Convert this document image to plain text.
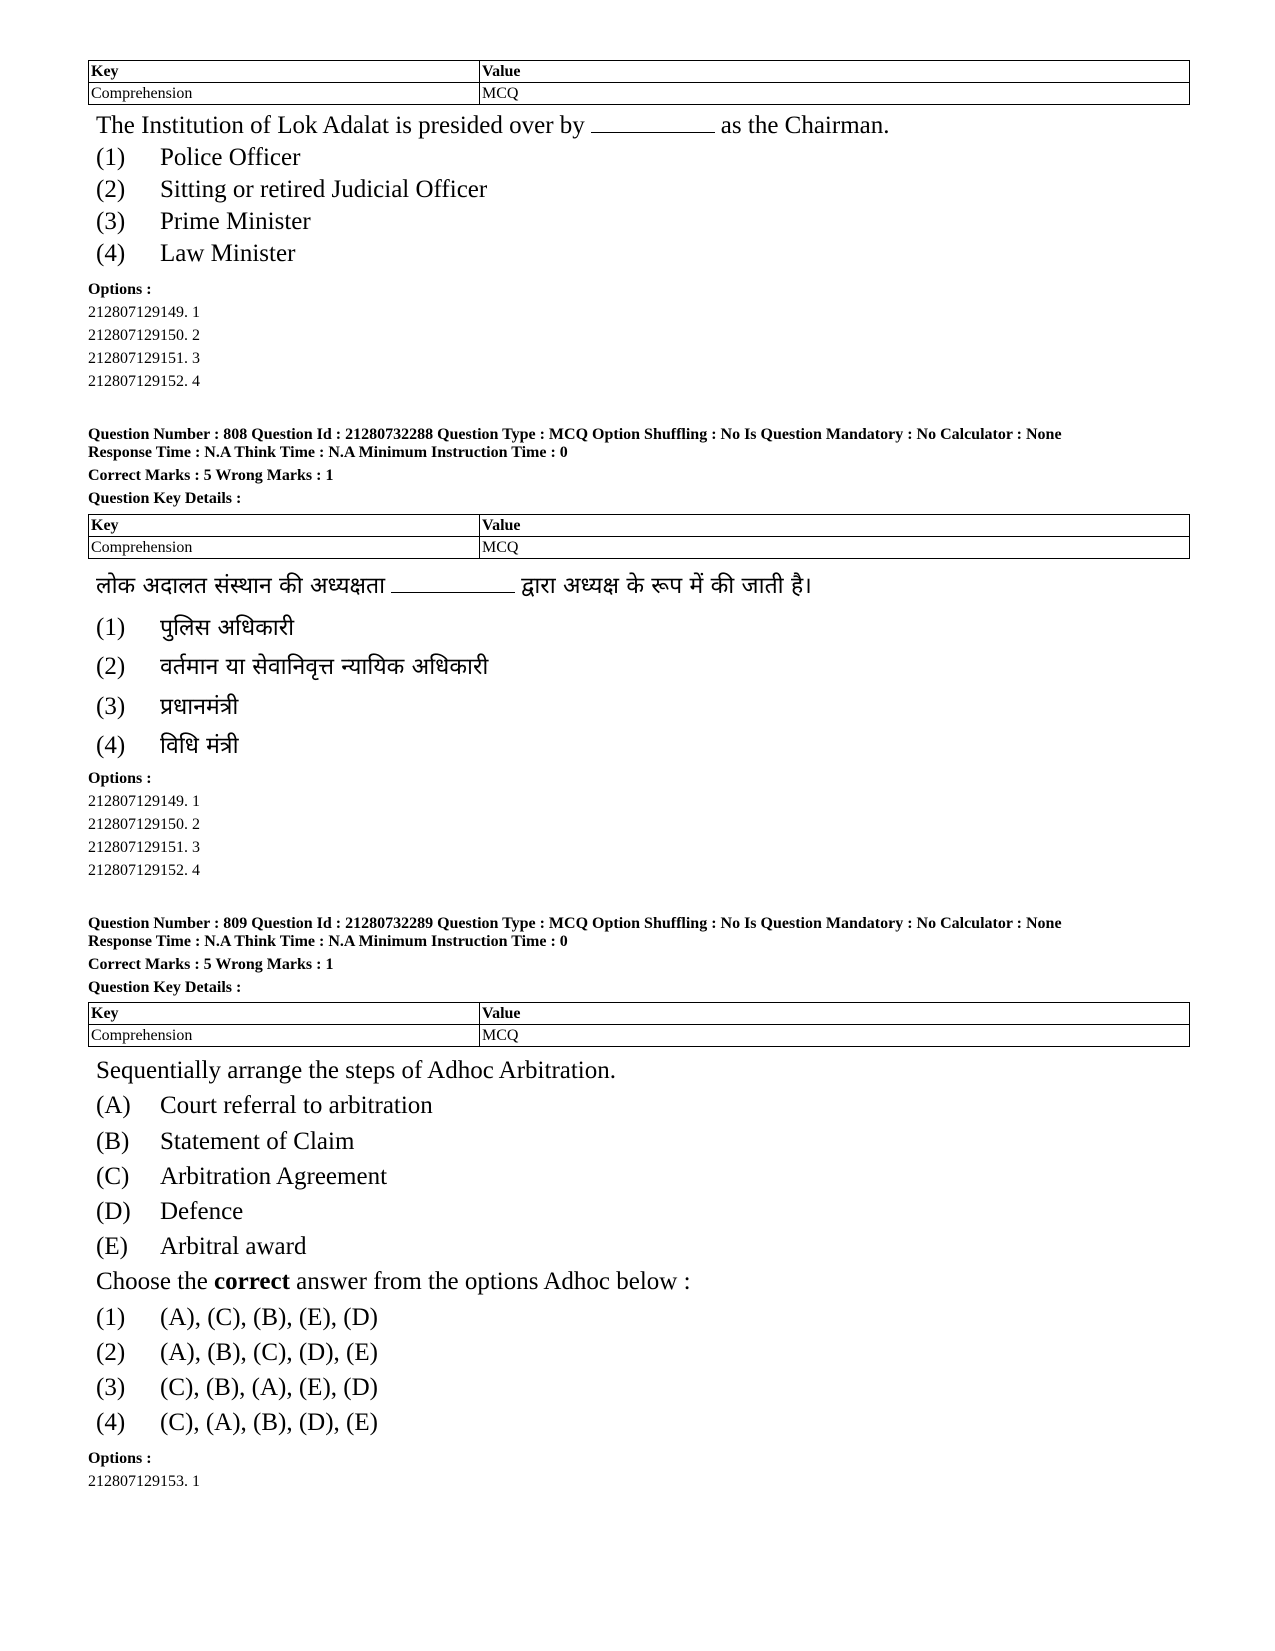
Key	Value
Comprehension	MCQ
The Institution of Lok Adalat is presided over by	as the Chairman.
(1) Police Officer
(2) Sitting or retired Judicial Officer
(3) Prime Minister
(4) Law Minister
Options :
212807129149. 1
212807129150. 2
212807129151. 3
212807129152. 4
Question Number : 808 Question Id : 21280732288 Question Type : MCQ Option Shuffling : No Is Question Mandatory : No Calculator : None
Response Time : N.A Think Time : N.A Minimum Instruction Time : 0
Correct Marks : 5 Wrong Marks : 1
Question Key Details :
Key	Value
Comprehension	MCQ
लोक अदालत संस्थान की अध्यक्षता	द्वारा अध्यक्ष के रूप में की जाती है।
(1) पुलिस अधिकारी
(2) वर्तमान या सेवानिवृत्त न्यायिक अधिकारी
(3) प्रधानमंत्री
(4) विधि मंत्री
Options :
212807129149. 1
212807129150. 2
212807129151. 3
212807129152. 4
Question Number : 809 Question Id : 21280732289 Question Type : MCQ Option Shuffling : No Is Question Mandatory : No Calculator : None
Response Time : N.A Think Time : N.A Minimum Instruction Time : 0
Correct Marks : 5 Wrong Marks : 1
Question Key Details :
Key	Value
Comprehension	MCQ
Sequentially arrange the steps of Adhoc Arbitration.
(A) Court referral to arbitration
(B) Statement of Claim
(C) Arbitration Agreement
(D) Defence
(E) Arbitral award
Choose the correct answer from the options Adhoc below :
(1) (A), (C), (B), (E), (D)
(2) (A), (B), (C), (D), (E)
(3) (C), (B), (A), (E), (D)
(4) (C), (A), (B), (D), (E)
Options :
212807129153. 1
